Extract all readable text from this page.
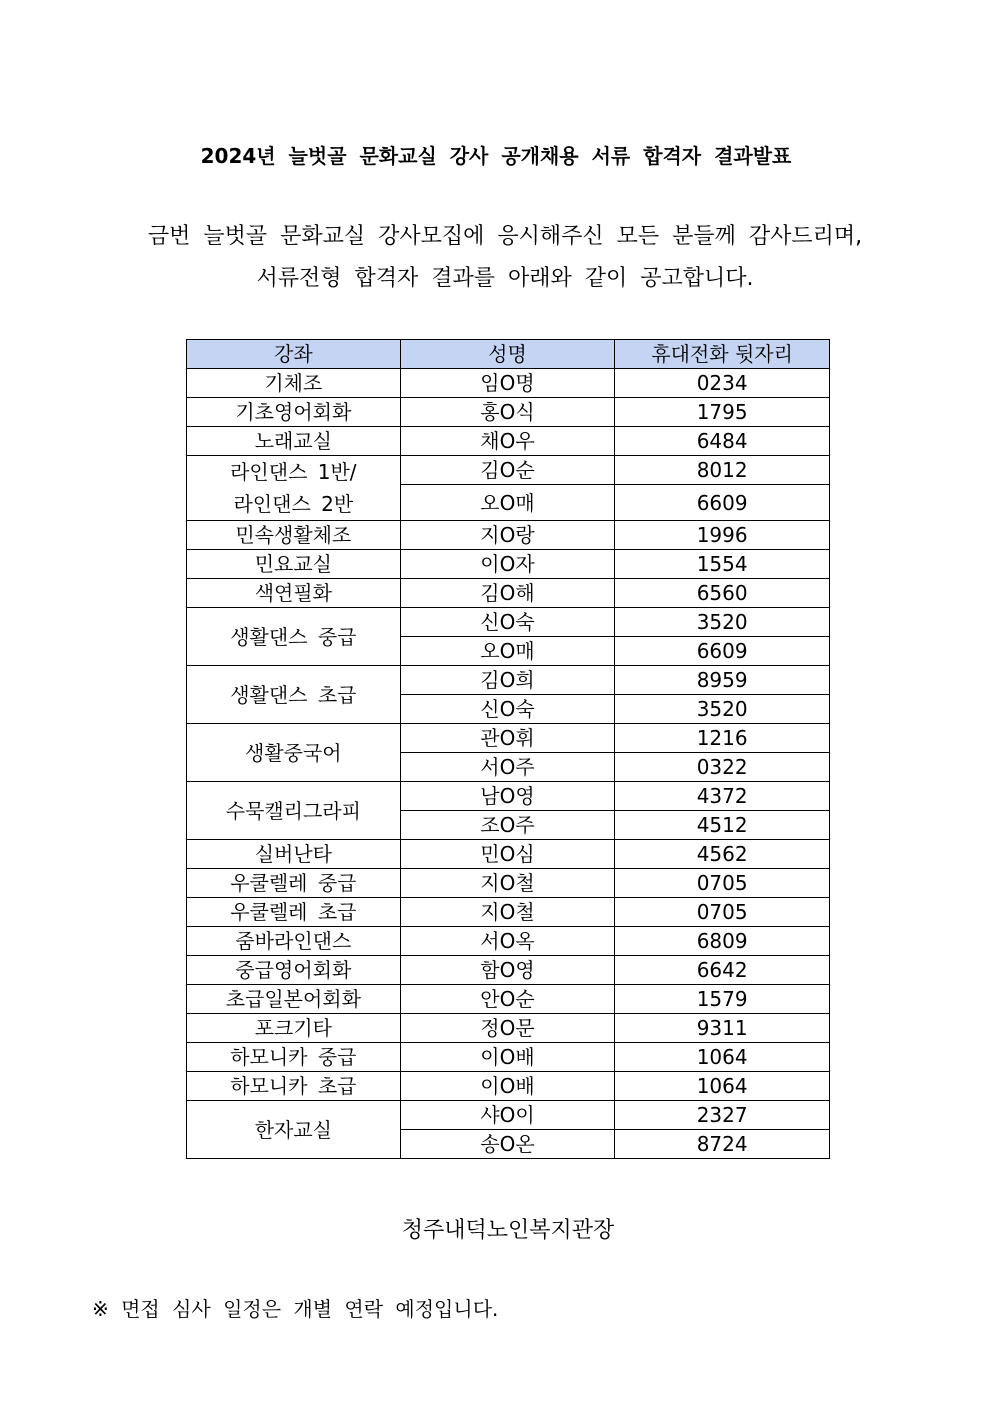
2024년 늘벗골 문화교실 강사 공개채용 서류 합격자 결과발표
금번 늘벗골 문화교실 강사모집에 응시해주신 모든 분들께 감사드리며,
서류전형 합격자 결과를 아래와 같이 공고합니다.
강좌	성명	휴대전화 뒷자리
기체조	임O명	0234
기초영어회화	홍O식	1795
노래교실	채O우	6484

라인댄스 1반/
라인댄스 2반	김O순	8012
	오O매	6609
민속생활체조	지O랑	1996
민요교실	이O자	1554
색연필화	김O해	6560
생활댄스 중급	신O숙	3520
	오O매	6609
생활댄스 초급	김O희	8959
	신O숙	3520
생활중국어	관O휘	1216
	서O주	0322
수묵캘리그라피	남O영	4372
	조O주	4512
실버난타	민O심	4562
우쿨렐레 중급	지O철	0705
우쿨렐레 초급	지O철	0705
줌바라인댄스	서O옥	6809
중급영어회화	함O영	6642
초급일본어회화	안O순	1579
포크기타	정O문	9311
하모니카 중급	이O배	1064
하모니카 초급	이O배	1064
한자교실	샤O이	2327
	송O온	8724
청주내덕노인복지관장
※ 면접 심사 일정은 개별 연락 예정입니다.
